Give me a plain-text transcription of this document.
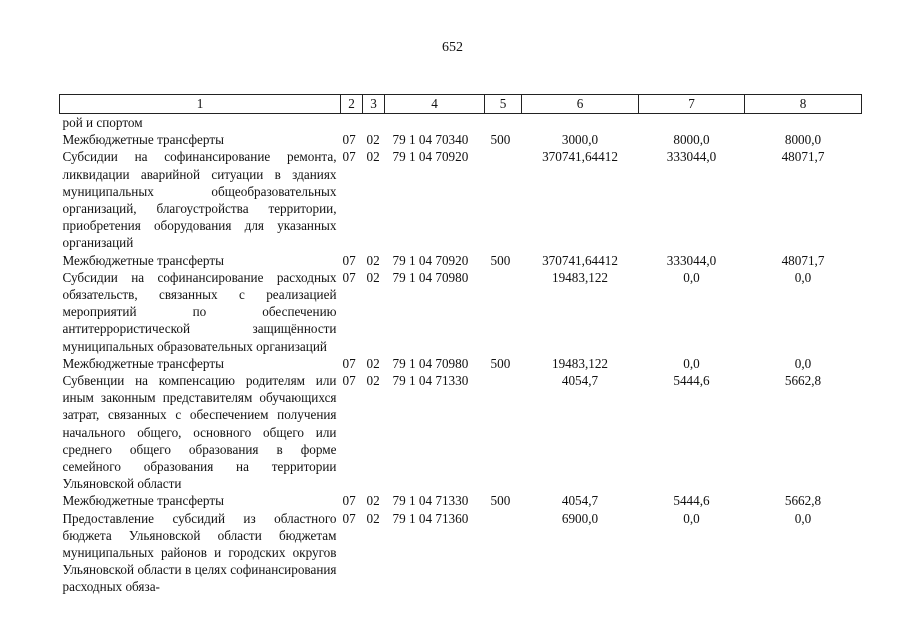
652
1	2	3	4	5	6	7	8
рой и спортом							
Межбюджетные трансферты	07	02	79 1 04 70340	500	3000,0	8000,0	8000,0
Субсидии на софинансирование ремонта, ликвидации аварийной ситуации в зданиях муниципальных общеобразовательных организаций, благоустройства территории, приобретения оборудования для указанных организаций	07	02	79 1 04 70920		370741,64412	333044,0	48071,7
Межбюджетные трансферты	07	02	79 1 04 70920	500	370741,64412	333044,0	48071,7
Субсидии на софинансирование расходных обязательств, связанных с реализацией мероприятий по обеспечению антитеррористической защищённости муниципальных образовательных организаций	07	02	79 1 04 70980		19483,122	0,0	0,0
Межбюджетные трансферты	07	02	79 1 04 70980	500	19483,122	0,0	0,0
Субвенции на компенсацию родителям или иным законным представителям обучающихся затрат, связанных с обеспечением получения начального общего, основного общего или среднего общего образования в форме семейного образования на территории Ульяновской области	07	02	79 1 04 71330		4054,7	5444,6	5662,8
Межбюджетные трансферты	07	02	79 1 04 71330	500	4054,7	5444,6	5662,8
Предоставление субсидий из областного бюджета Ульяновской области бюджетам муниципальных районов и городских округов Ульяновской области в целях софинансирования расходных обяза-	07	02	79 1 04 71360		6900,0	0,0	0,0
